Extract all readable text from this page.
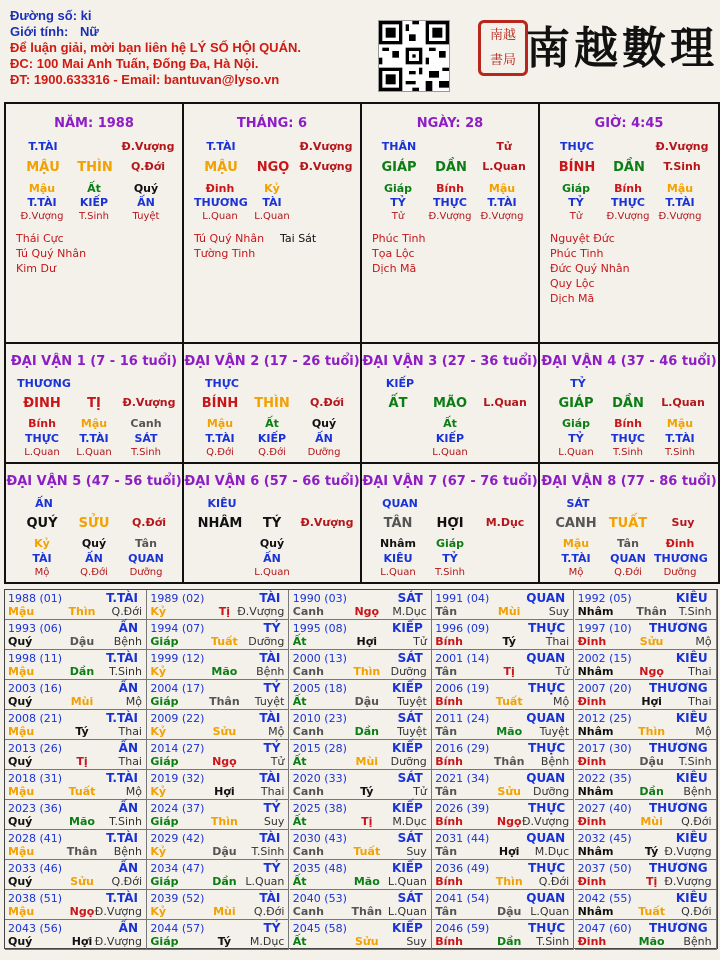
Đường số: ki
Giới tính: Nữ
Để luận giải, mời bạn liên hệ LÝ SỐ HỘI QUÁN.
ĐC: 100 Mai Anh Tuấn, Đống Đa, Hà Nội.
ĐT: 1900.633316 - Email: bantuvan@lyso.vn
南越
書局 南越數理
NĂM: 1988
T.TÀI	Đ.Vượng
MẬU	THÌN	Q.Đới
Mậu
T.TÀI
Đ.Vượng
Ất
KIẾP
T.Sinh
Quý
ẤN
Tuyệt
Thái Cực
Tú Quý Nhân
Kim Dư
THÁNG: 6
T.TÀI	Đ.Vượng
MẬU	NGỌ Đ.Vượng
Đinh
THƯƠNG
L.Quan
Kỷ
TÀI
L.Quan
Tú Quý Nhân
Tường Tinh
Tai Sát
NGÀY: 28
THÂN	Tử
GIÁP	DẦN	L.Quan
Giáp
TỶ
Tử
Bính
THỰC
Đ.Vượng
Mậu
T.TÀI
Đ.Vượng
Phúc Tinh
Tọa Lộc
Dịch Mã
GIỜ: 4:45
THỰC	Đ.Vượng
BÍNH	DẦN	T.Sinh
Giáp
TỶ
Tử
Bính
THỰC
Đ.Vượng
Mậu
T.TÀI
Đ.Vượng
Nguyệt Đức
Phúc Tinh
Đức Quý Nhân
Quy Lộc
Dịch Mã
ĐẠI VẬN 1 (7 - 16 tuổi)
THƯƠNG
ĐINH	TỊ	Đ.Vượng
Bính
THỰC
L.Quan
Mậu
T.TÀI
L.Quan
Canh
SÁT
T.Sinh
ĐẠI VẬN 2 (17 - 26 tuổi)
THỰC
BÍNH	THÌN	Q.Đới
Mậu
T.TÀI
Q.Đới
Ất
KIẾP
Q.Đới
Quý
ẤN
Dưỡng
ĐẠI VẬN 3 (27 - 36 tuổi)
KIẾP
ẤT	MÃO	L.Quan
Ất
KIẾP
L.Quan
ĐẠI VẬN 4 (37 - 46 tuổi)
TỶ
GIÁP	DẦN	L.Quan
Giáp
TỶ
L.Quan
Bính
THỰC
T.Sinh
Mậu
T.TÀI
T.Sinh
ĐẠI VẬN 5 (47 - 56 tuổi)
ẤN
QUÝ	SỬU	Q.Đới
Kỷ
TÀI
Mộ
Quý
ẤN
Q.Đới
Tân
QUAN
Dưỡng
ĐẠI VẬN 6 (57 - 66 tuổi)
KIÊU
NHÂM	TÝ	Đ.Vượng
Quý
ẤN
L.Quan
ĐẠI VẬN 7 (67 - 76 tuổi)
QUAN
TÂN	HỢI	M.Dục
Nhâm
KIÊU
L.Quan
Giáp
TỶ
T.Sinh
ĐẠI VẬN 8 (77 - 86 tuổi)
SÁT
CANH TUẤT	Suy
Mậu
T.TÀI
Mộ
Tân
QUAN
Q.Đới
Đinh
THƯƠNG
Dưỡng
1988 (01)	T.TÀI
Mậu	Thìn	Q.Đới
1989 (02)	TÀI
Kỷ	Tị Đ.Vượng
1990 (03)	SÁT
Canh	Ngọ	M.Dục
1991 (04)	QUAN
Tân	Mùi	Suy
1992 (05)	KIÊU
Nhâm	Thân	T.Sinh
1993 (06)	ẤN
Quý	Dậu	Bệnh
1994 (07)	TỶ
Giáp	Tuất Dưỡng
1995 (08)	KIẾP
Ất	Hợi	Tử
1996 (09)	THỰC
Bính	Tý	Thai
1997 (10) THƯƠNG
Đinh	Sửu	Mộ
1998 (11)	T.TÀI
Mậu	Dần	T.Sinh
1999 (12)	TÀI
Kỷ	Mão	Bệnh
2000 (13)	SÁT
Canh	Thìn Dưỡng
2001 (14)	QUAN
Tân	Tị	Tử
2002 (15)	KIÊU
Nhâm	Ngọ	Thai
2003 (16)	ẤN
Quý	Mùi	Mộ
2004 (17)	TỶ
Giáp	Thân	Tuyệt
2005 (18)	KIẾP
Ất	Dậu	Tuyệt
2006 (19)	THỰC
Bính	Tuất	Mộ
2007 (20) THƯƠNG
Đinh	Hợi	Thai
2008 (21)	T.TÀI
Mậu	Tý	Thai
2009 (22)	TÀI
Kỷ	Sửu	Mộ
2010 (23)	SÁT
Canh	Dần	Tuyệt
2011 (24)	QUAN
Tân	Mão	Tuyệt
2012 (25)	KIÊU
Nhâm	Thìn	Mộ
2013 (26)	ẤN
Quý	Tị	Thai
2014 (27)	TỶ
Giáp	Ngọ	Tử
2015 (28)	KIẾP
Ất	Mùi	Dưỡng
2016 (29)	THỰC
Bính	Thân	Bệnh
2017 (30) THƯƠNG
Đinh	Dậu	T.Sinh
2018 (31)	T.TÀI
Mậu	Tuất	Mộ
2019 (32)	TÀI
Kỷ	Hợi	Thai
2020 (33)	SÁT
Canh	Tý	Tử
2021 (34)	QUAN
Tân	Sửu	Dưỡng
2022 (35)	KIÊU
Nhâm	Dần	Bệnh
2023 (36)	ẤN
Quý	Mão	T.Sinh
2024 (37)	TỶ
Giáp	Thìn	Suy
2025 (38)	KIẾP
Ất	Tị	M.Dục
2026 (39)	THỰC
Bính	Ngọ Đ.Vượng
2027 (40) THƯƠNG
Đinh	Mùi	Q.Đới
2028 (41)	T.TÀI
Mậu	Thân	Bệnh
2029 (42)	TÀI
Kỷ	Dậu	T.Sinh
2030 (43)	SÁT
Canh	Tuất	Suy
2031 (44)	QUAN
Tân	Hợi	M.Dục
2032 (45)	KIÊU
Nhâm	Tý Đ.Vượng
2033 (46)	ẤN
Quý	Sửu	Q.Đới
2034 (47)	TỶ
Giáp	Dần L.Quan
2035 (48)	KIẾP
Ất	Mão L.Quan
2036 (49)	THỰC
Bính	Thìn	Q.Đới
2037 (50) THƯƠNG
Đinh	Tị Đ.Vượng
2038 (51)	T.TÀI
Mậu	Ngọ Đ.Vượng
2039 (52)	TÀI
Kỷ	Mùi	Q.Đới
2040 (53)	SÁT
Canh	Thân L.Quan
2041 (54)	QUAN
Tân	Dậu L.Quan
2042 (55)	KIÊU
Nhâm	Tuất	Q.Đới
2043 (56)	ẤN
Quý	Hợi Đ.Vượng
2044 (57)	TỶ
Giáp	Tý	M.Dục
2045 (58)	KIẾP
Ất	Sửu	Suy
2046 (59)	THỰC
Bính	Dần	T.Sinh
2047 (60) THƯƠNG
Đinh	Mão	Bệnh
